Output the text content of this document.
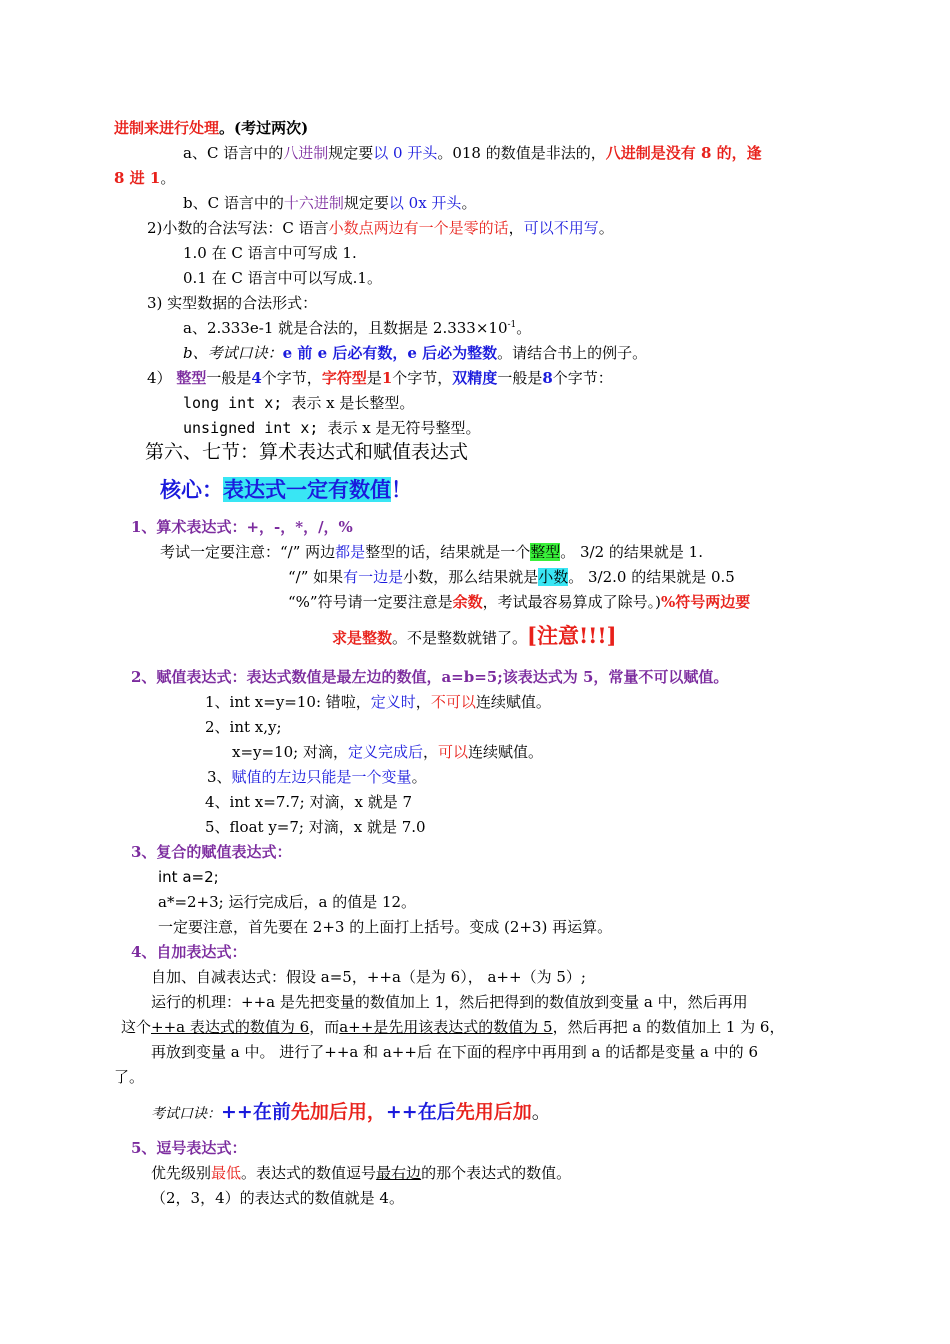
进制来进行处理。(考过两次)
a、C 语言中的八进制规定要以 0 开头。018 的数值是非法的，八进制是没有 8 的，逢
8 进 1。
b、C 语言中的十六进制规定要以 0x 开头。
2)小数的合法写法：C 语言小数点两边有一个是零的话，可以不用写。
1.0 在 C 语言中可写成 1.
0.1 在 C 语言中可以写成.1。
3) 实型数据的合法形式：
a、2.333e-1 就是合法的，且数据是 $2.333\times 10^{-1}$。
b、考试口诀：e 前 e 后必有数，e 后必为整数。请结合书上的例子。
4） 整型一般是4个字节，字符型是1个字节，双精度一般是8个字节：
long int x; 表示 x 是长整型。
unsigned int x; 表示 x 是无符号整型。
第六、七节：算术表达式和赋值表达式
核心：表达式一定有数值！
1、算术表达式：+，-，*，/，%
考试一定要注意：“/” 两边都是整型的话，结果就是一个整型。 3/2 的结果就是 1.
“/” 如果有一边是小数，那么结果就是小数。 3/2.0 的结果就是 0.5
“%”符号请一定要注意是余数，考试最容易算成了除号。)%符号两边要
求是整数。不是整数就错了。[注意!!!]
2、赋值表达式：表达式数值是最左边的数值，a=b=5;该表达式为 5，常量不可以赋值。
1、int x=y=10: 错啦，定义时，不可以连续赋值。
2、int x,y;
x=y=10; 对滴，定义完成后，可以连续赋值。
3、赋值的左边只能是一个变量。
4、int x=7.7; 对滴，x 就是 7
5、float y=7; 对滴，x 就是 7.0
3、复合的赋值表达式：
int a=2;
a*=2+3; 运行完成后，a 的值是 12。
一定要注意，首先要在 2+3 的上面打上括号。变成 (2+3) 再运算。
4、自加表达式：
自加、自减表达式：假设 a=5，++a（是为 6）， a++（为 5）;
运行的机理：++a 是先把变量的数值加上 1，然后把得到的数值放到变量 a 中，然后再用
这个++a 表达式的数值为 6，而a++是先用该表达式的数值为 5，然后再把 a 的数值加上 1 为 6，
再放到变量 a 中。 进行了++a 和 a++后 在下面的程序中再用到 a 的话都是变量 a 中的 6
了。
考试口诀：++在前先加后用，++在后先用后加。
5、逗号表达式：
优先级别最低。表达式的数值逗号最右边的那个表达式的数值。
（2，3，4）的表达式的数值就是 4。
